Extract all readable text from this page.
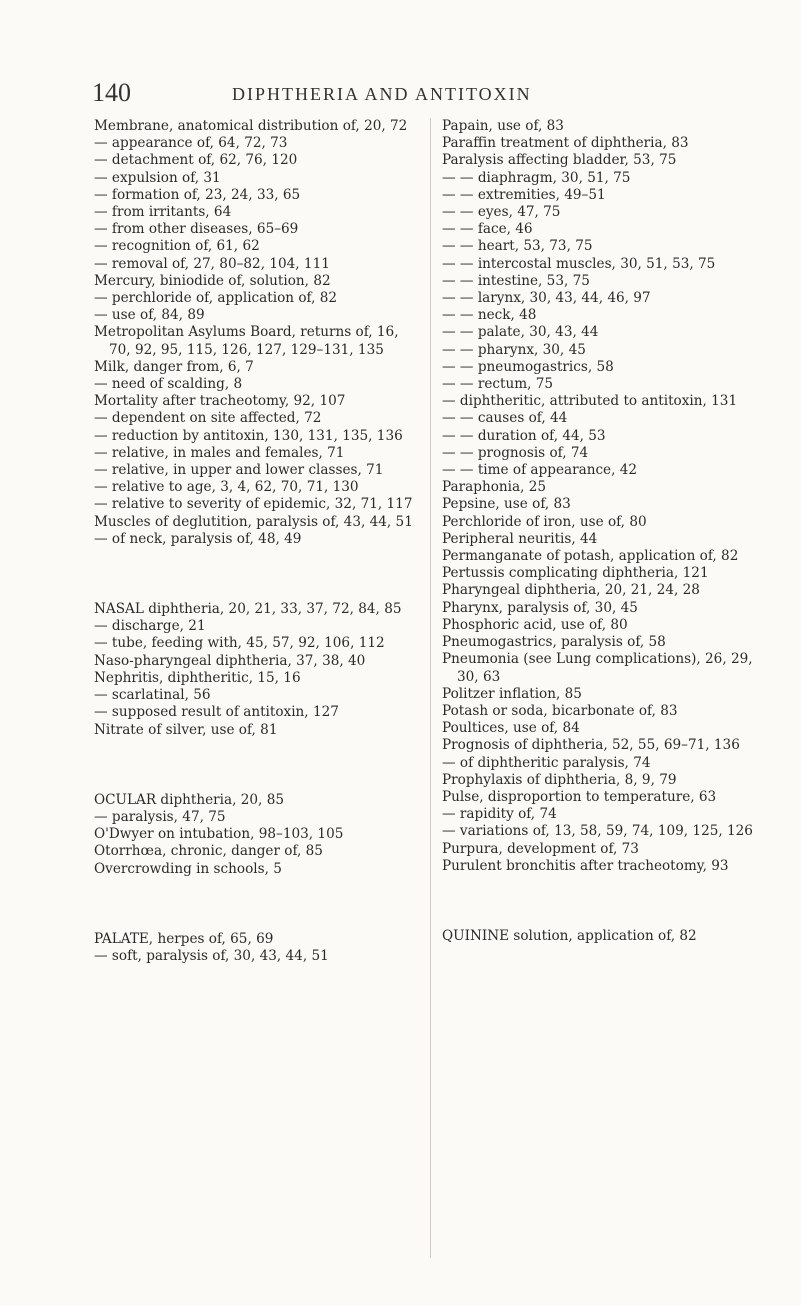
140	DIPHTHERIA AND ANTITOXIN

Membrane, anatomical distribution of, 20, 72

— appearance of, 64, 72, 73

— detachment of, 62, 76, 120

— expulsion of, 31

— formation of, 23, 24, 33, 65

— from irritants, 64

— from other diseases, 65–69

— recognition of, 61, 62

— removal of, 27, 80–82, 104, 111

Mercury, biniodide of, solution, 82

— perchloride of, application of, 82

— use of, 84, 89

Metropolitan Asylums Board, returns of, 16, 70, 92, 95, 115, 126, 127, 129–131, 135

Milk, danger from, 6, 7

— need of scalding, 8

Mortality after tracheotomy, 92, 107

— dependent on site affected, 72

— reduction by antitoxin, 130, 131, 135, 136

— relative, in males and females, 71

— relative, in upper and lower classes, 71

— relative to age, 3, 4, 62, 70, 71, 130

— relative to severity of epidemic, 32, 71, 117

Muscles of deglutition, paralysis of, 43, 44, 51

— of neck, paralysis of, 48, 49

NASAL diphtheria, 20, 21, 33, 37, 72, 84, 85

— discharge, 21

— tube, feeding with, 45, 57, 92, 106, 112

Naso-pharyngeal diphtheria, 37, 38, 40

Nephritis, diphtheritic, 15, 16

— scarlatinal, 56

— supposed result of antitoxin, 127

Nitrate of silver, use of, 81

OCULAR diphtheria, 20, 85

— paralysis, 47, 75

O'Dwyer on intubation, 98–103, 105

Otorrhœa, chronic, danger of, 85

Overcrowding in schools, 5

PALATE, herpes of, 65, 69

— soft, paralysis of, 30, 43, 44, 51

Papain, use of, 83

Paraffin treatment of diphtheria, 83

Paralysis affecting bladder, 53, 75

— — diaphragm, 30, 51, 75

— — extremities, 49–51

— — eyes, 47, 75

— — face, 46

— — heart, 53, 73, 75

— — intercostal muscles, 30, 51, 53, 75

— — intestine, 53, 75

— — larynx, 30, 43, 44, 46, 97

— — neck, 48

— — palate, 30, 43, 44

— — pharynx, 30, 45

— — pneumogastrics, 58

— — rectum, 75

— diphtheritic, attributed to antitoxin, 131

— — causes of, 44

— — duration of, 44, 53

— — prognosis of, 74

— — time of appearance, 42

Paraphonia, 25

Pepsine, use of, 83

Perchloride of iron, use of, 80

Peripheral neuritis, 44

Permanganate of potash, application of, 82

Pertussis complicating diphtheria, 121

Pharyngeal diphtheria, 20, 21, 24, 28

Pharynx, paralysis of, 30, 45

Phosphoric acid, use of, 80

Pneumogastrics, paralysis of, 58

Pneumonia (see Lung complications), 26, 29, 30, 63

Politzer inflation, 85

Potash or soda, bicarbonate of, 83

Poultices, use of, 84

Prognosis of diphtheria, 52, 55, 69–71, 136

— of diphtheritic paralysis, 74

Prophylaxis of diphtheria, 8, 9, 79

Pulse, disproportion to temperature, 63

— rapidity of, 74

— variations of, 13, 58, 59, 74, 109, 125, 126

Purpura, development of, 73

Purulent bronchitis after tracheotomy, 93

QUININE solution, application of, 82
